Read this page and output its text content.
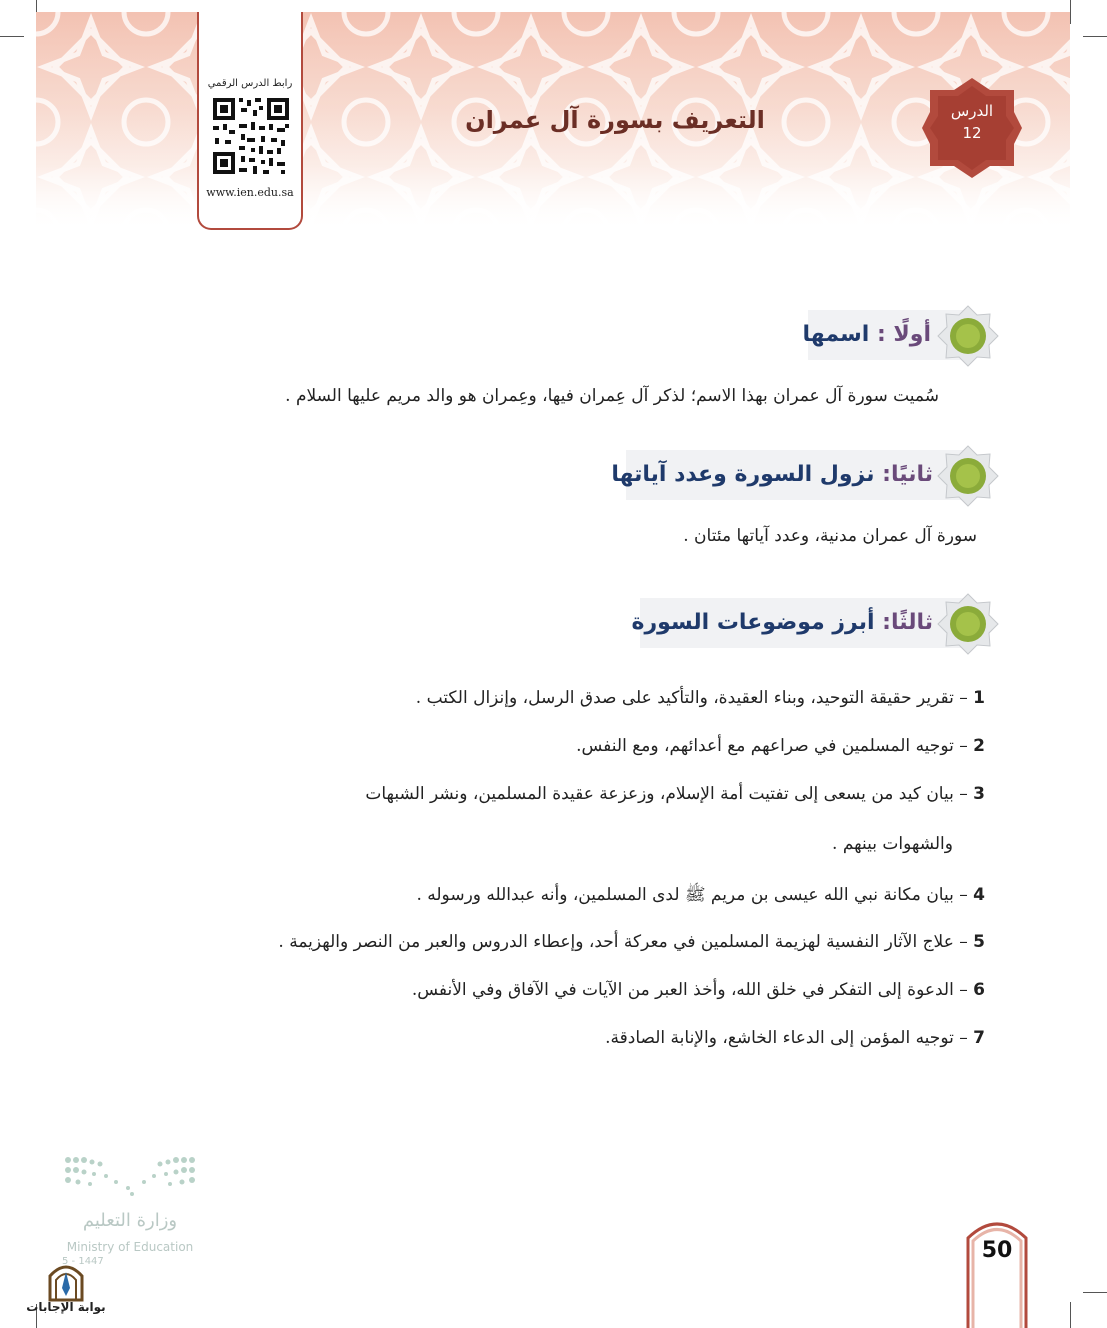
رابط الدرس الرقمي
www.ien.edu.sa
الدرس
12
التعريف بسورة آل عمران
أولًا : اسمها
سُميت سورة آل عمران بهذا الاسم؛ لذكر آل عِمران فيها، وعِمران هو والد مريم عليها السلام .
ثانيًا: نزول السورة وعدد آياتها
سورة آل عمران مدنية، وعدد آياتها مئتان .
ثالثًا: أبرز موضوعات السورة
1 – تقرير حقيقة التوحيد، وبناء العقيدة، والتأكيد على صدق الرسل، وإنزال الكتب .
2 – توجيه المسلمين في صراعهم مع أعدائهم، ومع النفس.
3 – بيان كيد من يسعى إلى تفتيت أمة الإسلام، وزعزعة عقيدة المسلمين، ونشر الشبهات
والشهوات بينهم .
4 – بيان مكانة نبي الله عيسى بن مريم ﷺ لدى المسلمين، وأنه عبدالله ورسوله .
5 – علاج الآثار النفسية لهزيمة المسلمين في معركة أحد، وإعطاء الدروس والعبر من النصر والهزيمة .
6 – الدعوة إلى التفكر في خلق الله، وأخذ العبر من الآيات في الآفاق وفي الأنفس.
7 – توجيه المؤمن إلى الدعاء الخاشع، والإنابة الصادقة.
وزارة التعليم
Ministry of Education
5 - 1447
بوابة الإجابات
50
